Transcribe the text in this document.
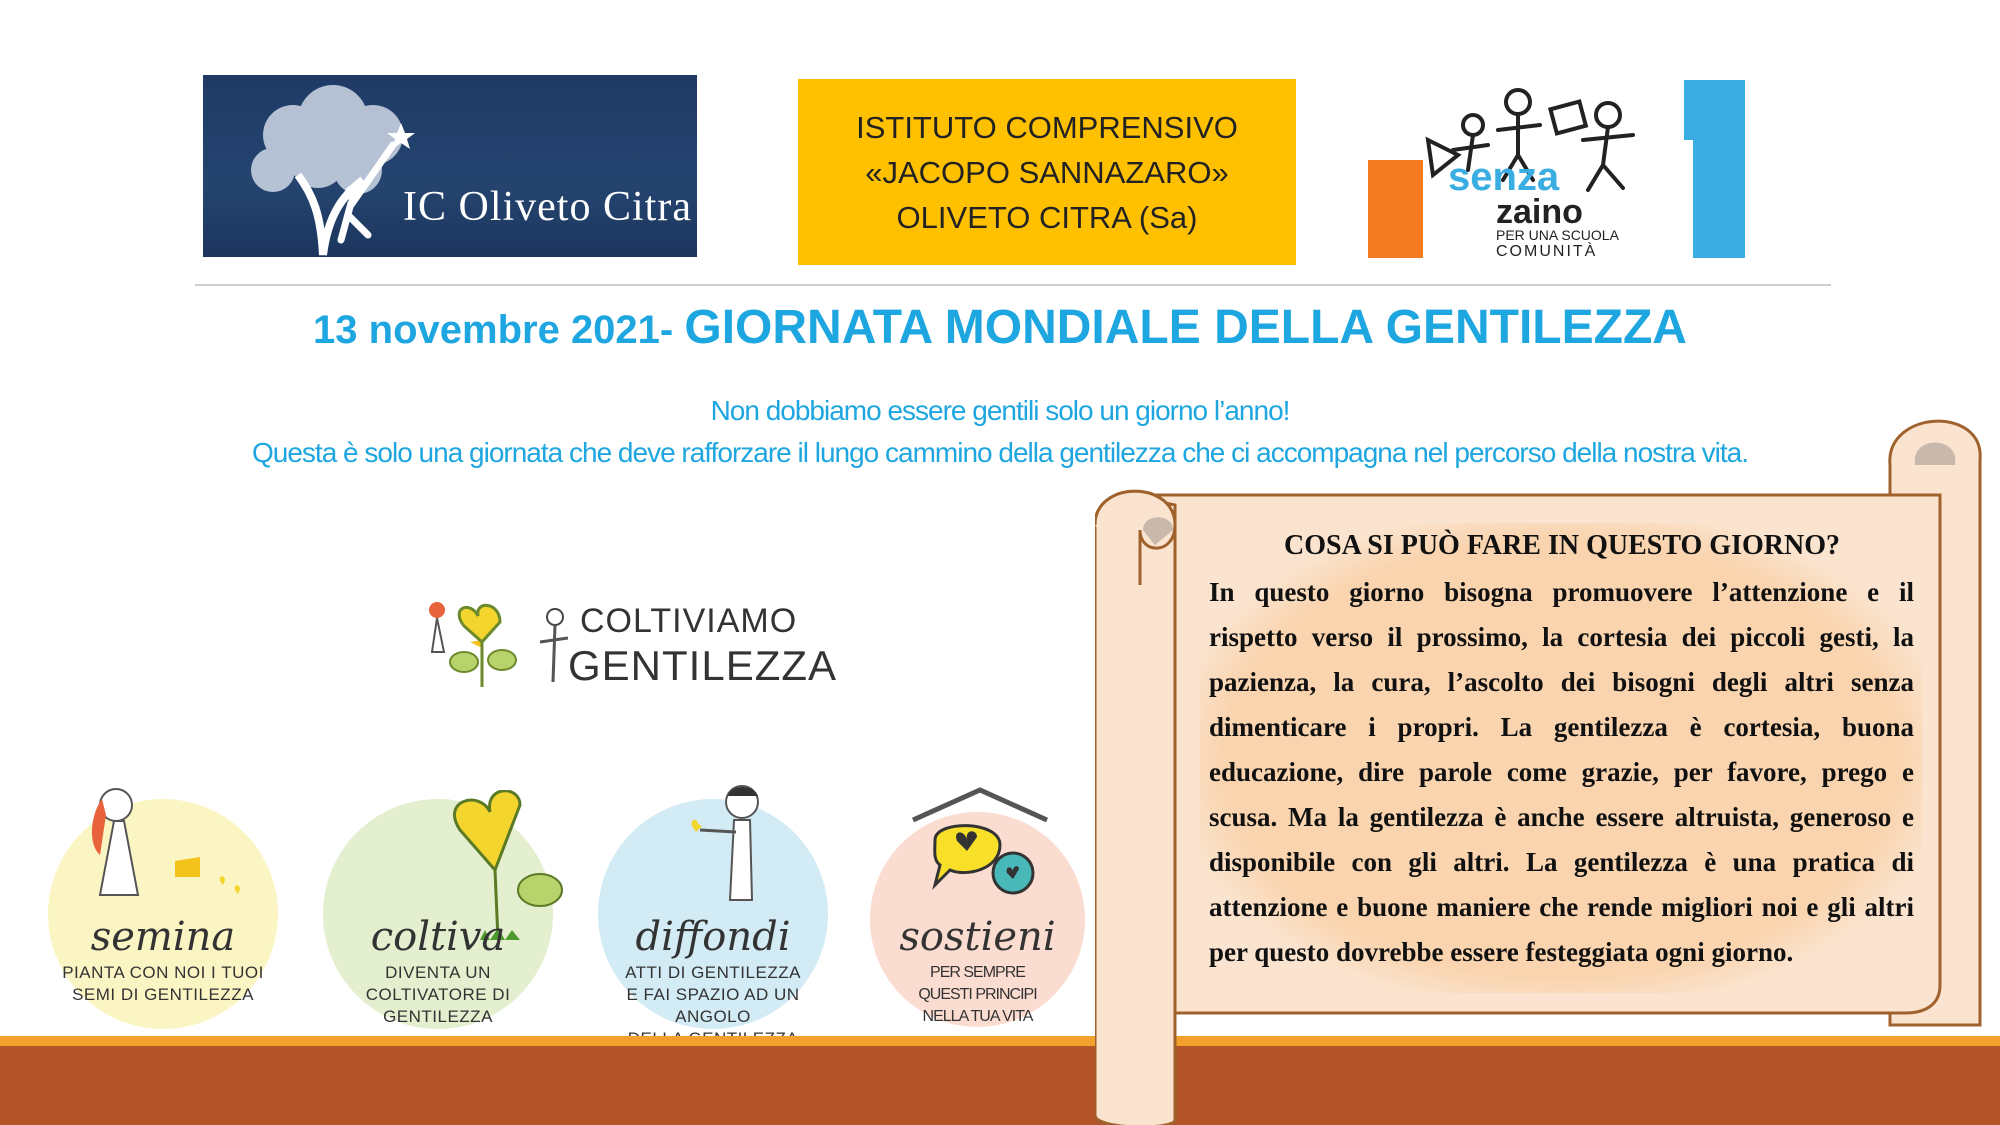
IC Oliveto Citra
ISTITUTO COMPRENSIVO
«JACOPO SANNAZARO»
OLIVETO CITRA (Sa)
senza
zaino
PER UNA SCUOLA
COMUNITÀ
13 novembre 2021- GIORNATA MONDIALE DELLA GENTILEZZA
Non dobbiamo essere gentili solo un giorno l’anno!
Questa è solo una giornata che deve rafforzare il lungo cammino della gentilezza che ci accompagna nel percorso della nostra vita.
COLTIVIAMO
GENTILEZZA
semina
PIANTA CON NOI I TUOI
SEMI DI GENTILEZZA
coltiva
DIVENTA UN COLTIVATORE DI
GENTILEZZA
diffondi
ATTI DI GENTILEZZA
E FAI SPAZIO AD UN ANGOLO
sostieni
PER SEMPRE
QUESTI PRINCIPI
NELLA TUA VITA
COSA SI PUÒ FARE IN QUESTO GIORNO?
In questo giorno bisogna promuovere l’attenzione e il rispetto verso il prossimo, la cortesia dei piccoli gesti, la pazienza, la cura, l’ascolto dei bisogni degli altri senza dimenticare i propri. La gentilezza è cortesia, buona educazione, dire parole come grazie, per favore, prego e scusa. Ma la gentilezza è anche essere altruista, generoso e disponibile con gli altri. La gentilezza è una pratica di attenzione e buone maniere che rende migliori noi e gli altri per questo dovrebbe essere festeggiata ogni giorno.
